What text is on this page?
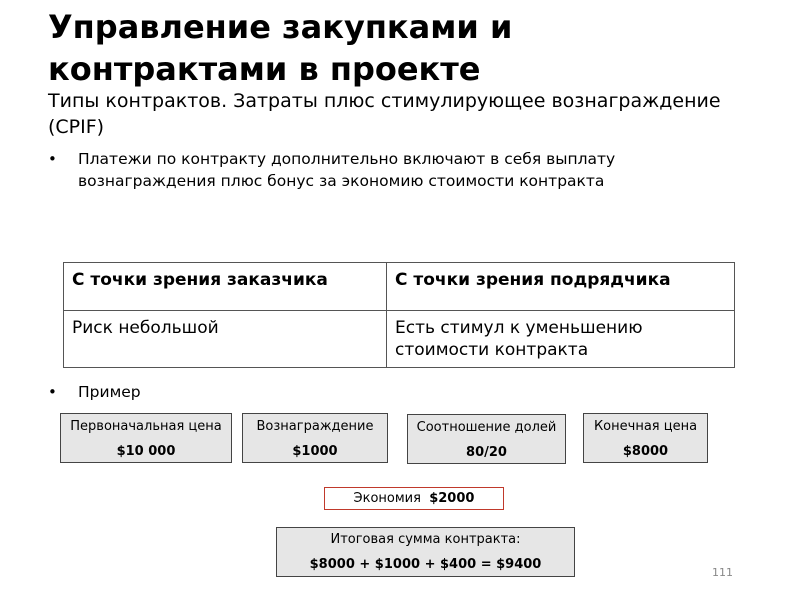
Управление закупками и контрактами в проекте

Типы контрактов. Затраты плюс стимулирующее вознаграждение (CPIF)

• Платежи по контракту дополнительно включают в себя выплату вознаграждения плюс бонус за экономию стоимости контракта
С точки зрения заказчика	С точки зрения подрядчика
Риск небольшой	Есть стимул к уменьшению стоимости контракта
• Пример
Первоначальная цена
$10 000
Вознаграждение
$1000
Соотношение долей
80/20
Конечная цена
$8000
Экономия $2000
Итоговая сумма контракта:
$8000 + $1000 + $400 = $9400
111
